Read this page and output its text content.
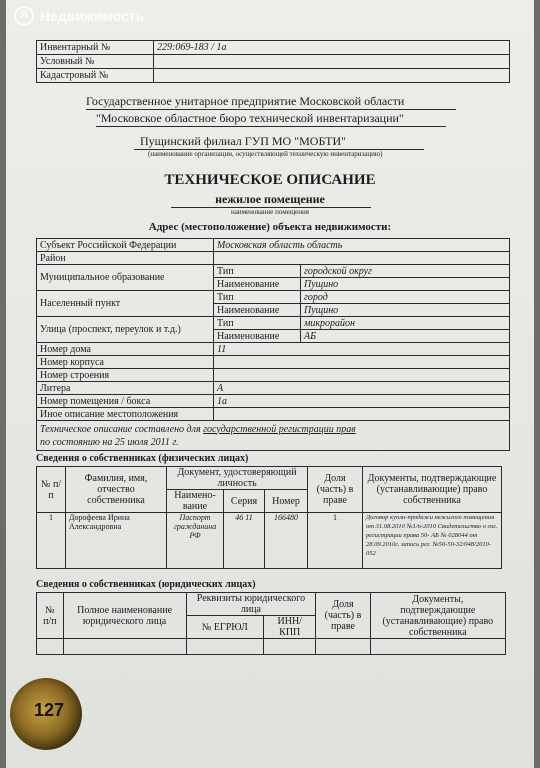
Я Недвижимость
Инвентарный №	229:069-183 / 1а
Условный №	
Кадастровый №	
Государственное унитарное предприятие Московской области
"Московское областное бюро технической инвентаризации"
Пущинский филиал ГУП МО "МОБТИ"
(наименование организации, осуществляющей техническую инвентаризацию)
ТЕХНИЧЕСКОЕ ОПИСАНИЕ
нежилое помещение
наименование помещения
Адрес (местоположение) объекта недвижимости:
Субъект Российской Федерации	Московская область область	
Район		
Муниципальное образование	Тип	городской округ
	Наименование	Пущино
Населенный пункт	Тип	город
	Наименование	Пущино
Улица (проспект, переулок и т.д.)	Тип	микрорайон
	Наименование	АБ
Номер дома	11	
Номер корпуса		
Номер строения		
Литера	А	
Номер помещения / бокса	1а	
Иное описание местоположения		
Техническое описание составлено для государственной регистрации прав
по состоянию на 25 июля 2011 г.		
Сведения о собственниках (физических лицах)
№ п/п	Фамилия, имя, отчество собственника	Документ, удостоверяющий личность			Доля (часть) в праве	Документы, подтверждающие (устанавливающие) право собственника
		Наимено-вание	Серия	Номер		
1	Дорофеева Ирина Александровна	Паспорт гражданина РФ	46 11	166480	1	Договор купли-продажи нежилого помещения от 31.08.2010 №1/п-2010 Свидетельство о гос. регистрации права 50- АБ № 028044 от 28.09.2010г. запись рег. №50-50-32/048/2010-052
Сведения о собственниках (юридических лицах)
№ п/п	Полное наименование юридического лица	Реквизиты юридического лица		Доля (часть) в праве	Документы, подтверждающие (устанавливающие) право собственника
		№ ЕГРЮЛ	ИНН/ КПП		

127
